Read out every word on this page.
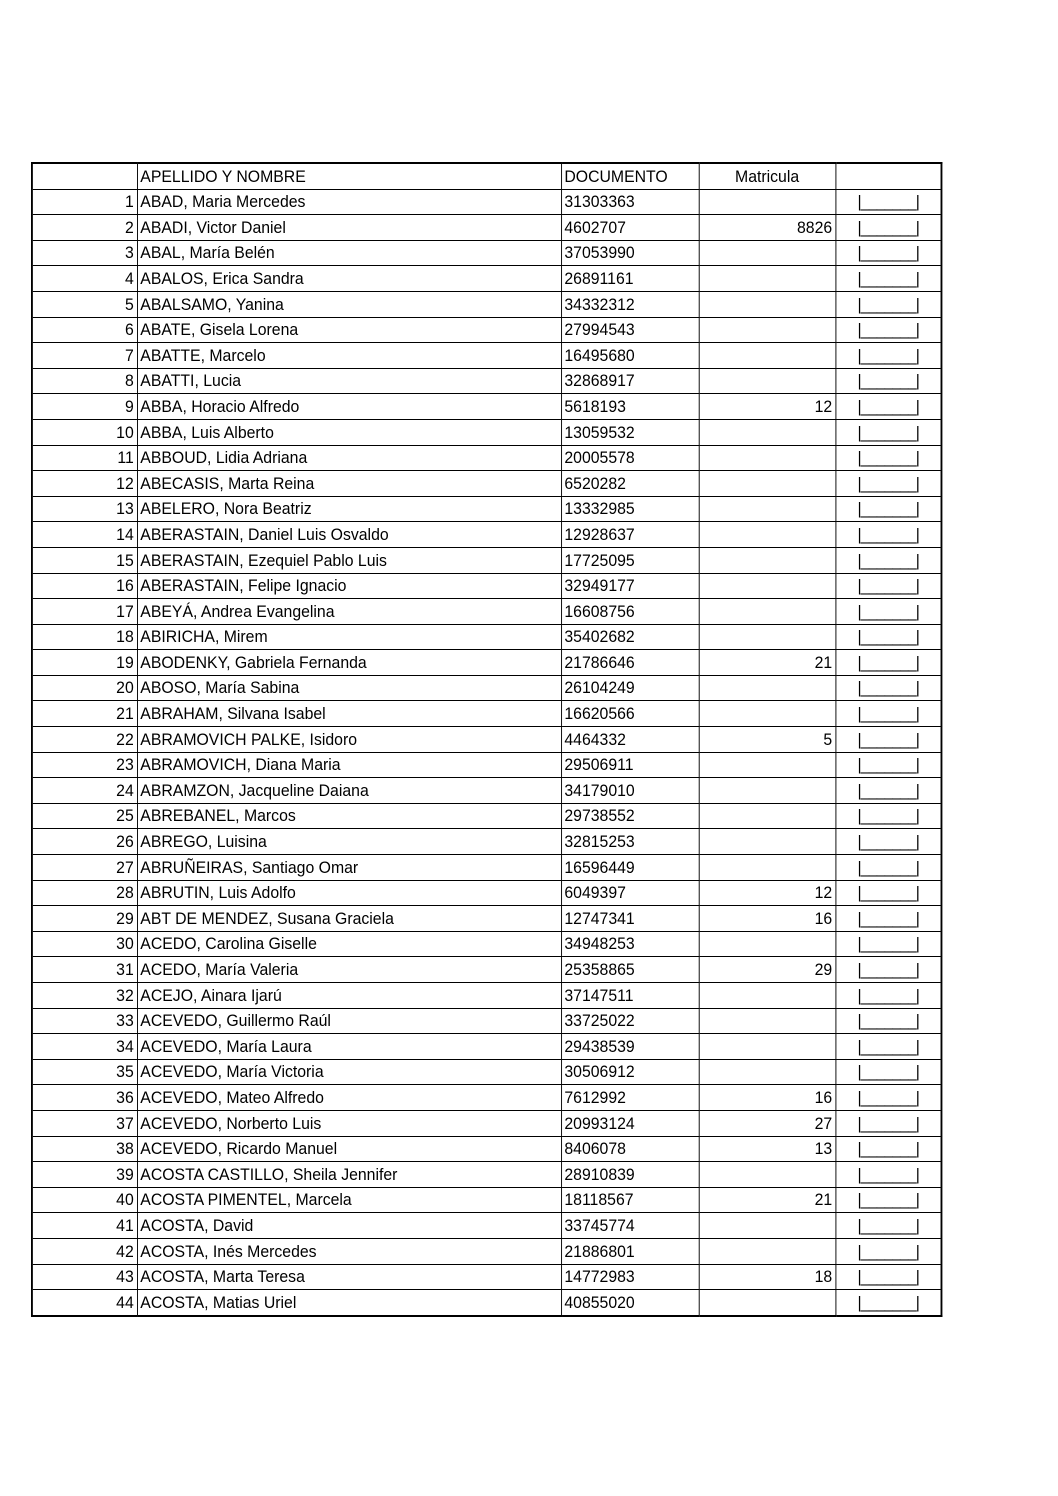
	APELLIDO Y NOMBRE	DOCUMENTO	Matricula	
1	ABAD, Maria Mercedes	31303363		|_______|
2	ABADI, Victor Daniel	4602707	8826	|_______|
3	ABAL, María Belén	37053990		|_______|
4	ABALOS, Erica Sandra	26891161		|_______|
5	ABALSAMO, Yanina	34332312		|_______|
6	ABATE, Gisela Lorena	27994543		|_______|
7	ABATTE, Marcelo	16495680		|_______|
8	ABATTI, Lucia	32868917		|_______|
9	ABBA, Horacio Alfredo	5618193	12	|_______|
10	ABBA, Luis Alberto	13059532		|_______|
11	ABBOUD, Lidia Adriana	20005578		|_______|
12	ABECASIS, Marta Reina	6520282		|_______|
13	ABELERO, Nora Beatriz	13332985		|_______|
14	ABERASTAIN, Daniel Luis Osvaldo	12928637		|_______|
15	ABERASTAIN, Ezequiel Pablo Luis	17725095		|_______|
16	ABERASTAIN, Felipe Ignacio	32949177		|_______|
17	ABEYÁ, Andrea Evangelina	16608756		|_______|
18	ABIRICHA, Mirem	35402682		|_______|
19	ABODENKY, Gabriela Fernanda	21786646	21	|_______|
20	ABOSO, María Sabina	26104249		|_______|
21	ABRAHAM, Silvana Isabel	16620566		|_______|
22	ABRAMOVICH PALKE, Isidoro	4464332	5	|_______|
23	ABRAMOVICH, Diana Maria	29506911		|_______|
24	ABRAMZON, Jacqueline Daiana	34179010		|_______|
25	ABREBANEL, Marcos	29738552		|_______|
26	ABREGO, Luisina	32815253		|_______|
27	ABRUÑEIRAS, Santiago Omar	16596449		|_______|
28	ABRUTIN, Luis Adolfo	6049397	12	|_______|
29	ABT DE MENDEZ, Susana Graciela	12747341	16	|_______|
30	ACEDO, Carolina Giselle	34948253		|_______|
31	ACEDO, María Valeria	25358865	29	|_______|
32	ACEJO, Ainara Ijarú	37147511		|_______|
33	ACEVEDO, Guillermo Raúl	33725022		|_______|
34	ACEVEDO, María Laura	29438539		|_______|
35	ACEVEDO, María Victoria	30506912		|_______|
36	ACEVEDO, Mateo Alfredo	7612992	16	|_______|
37	ACEVEDO, Norberto Luis	20993124	27	|_______|
38	ACEVEDO, Ricardo Manuel	8406078	13	|_______|
39	ACOSTA CASTILLO, Sheila Jennifer	28910839		|_______|
40	ACOSTA PIMENTEL, Marcela	18118567	21	|_______|
41	ACOSTA, David	33745774		|_______|
42	ACOSTA, Inés Mercedes	21886801		|_______|
43	ACOSTA, Marta Teresa	14772983	18	|_______|
44	ACOSTA, Matias Uriel	40855020		|_______|
